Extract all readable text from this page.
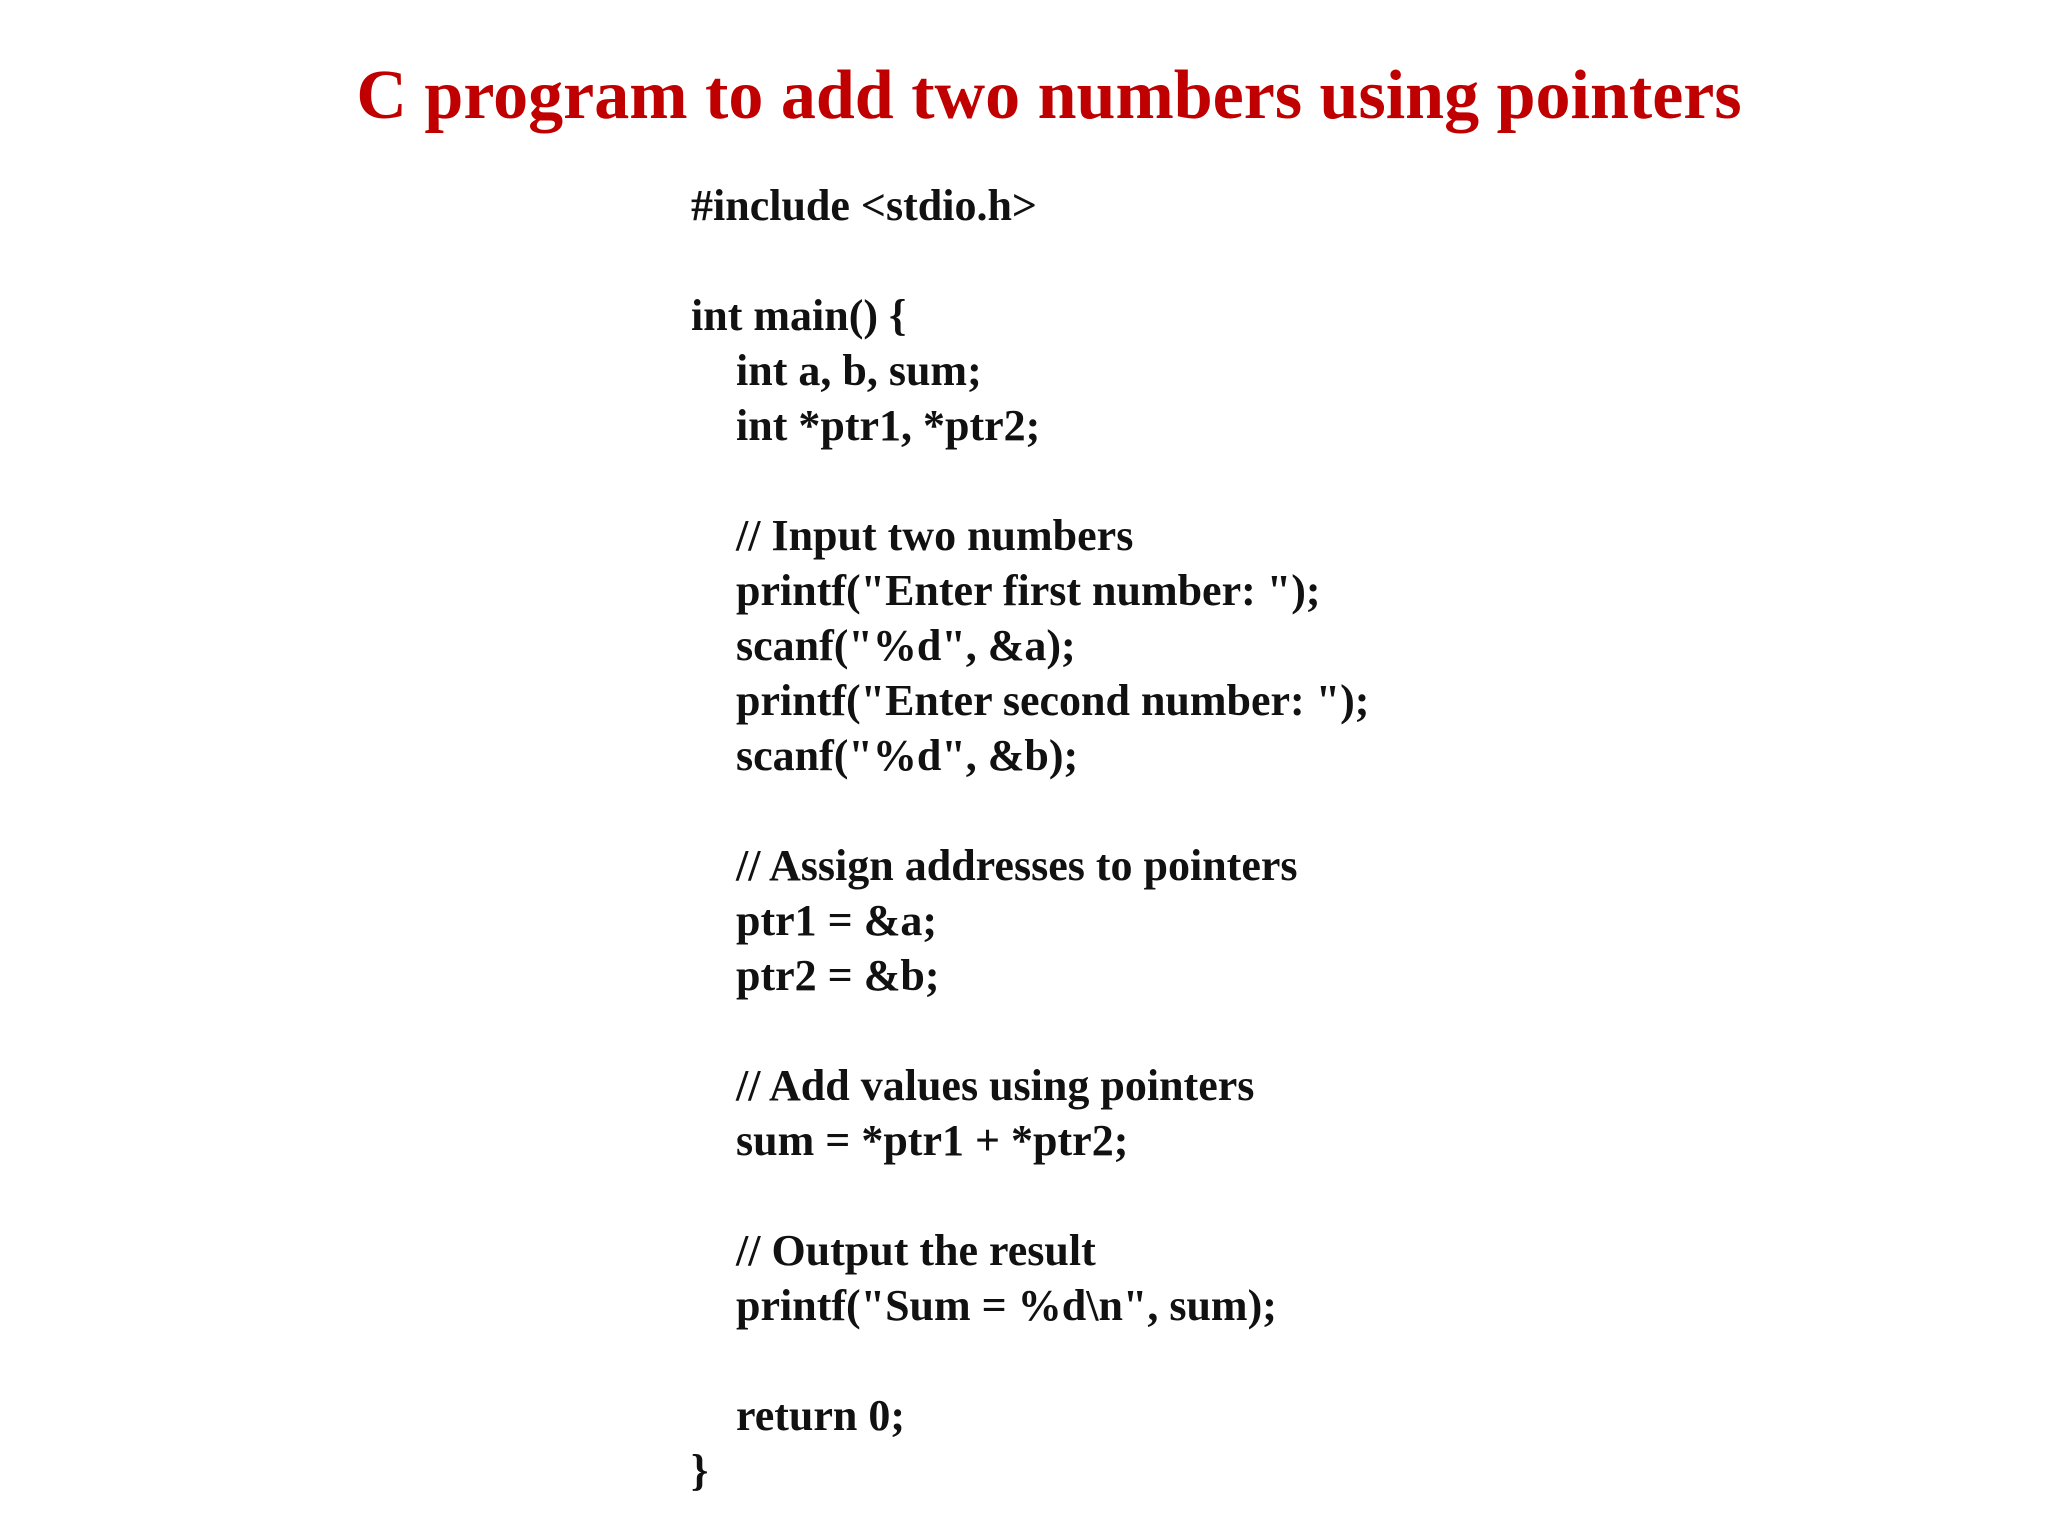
C program to add two numbers using pointers
#include <stdio.h>
int main() {
int a, b, sum;
int *ptr1, *ptr2;
// Input two numbers
printf("Enter first number: ");
scanf("%d", &a);
printf("Enter second number: ");
scanf("%d", &b);
// Assign addresses to pointers
ptr1 = &a;
ptr2 = &b;
// Add values using pointers
sum = *ptr1 + *ptr2;
// Output the result
printf("Sum = %d\n", sum);
return 0;
}
